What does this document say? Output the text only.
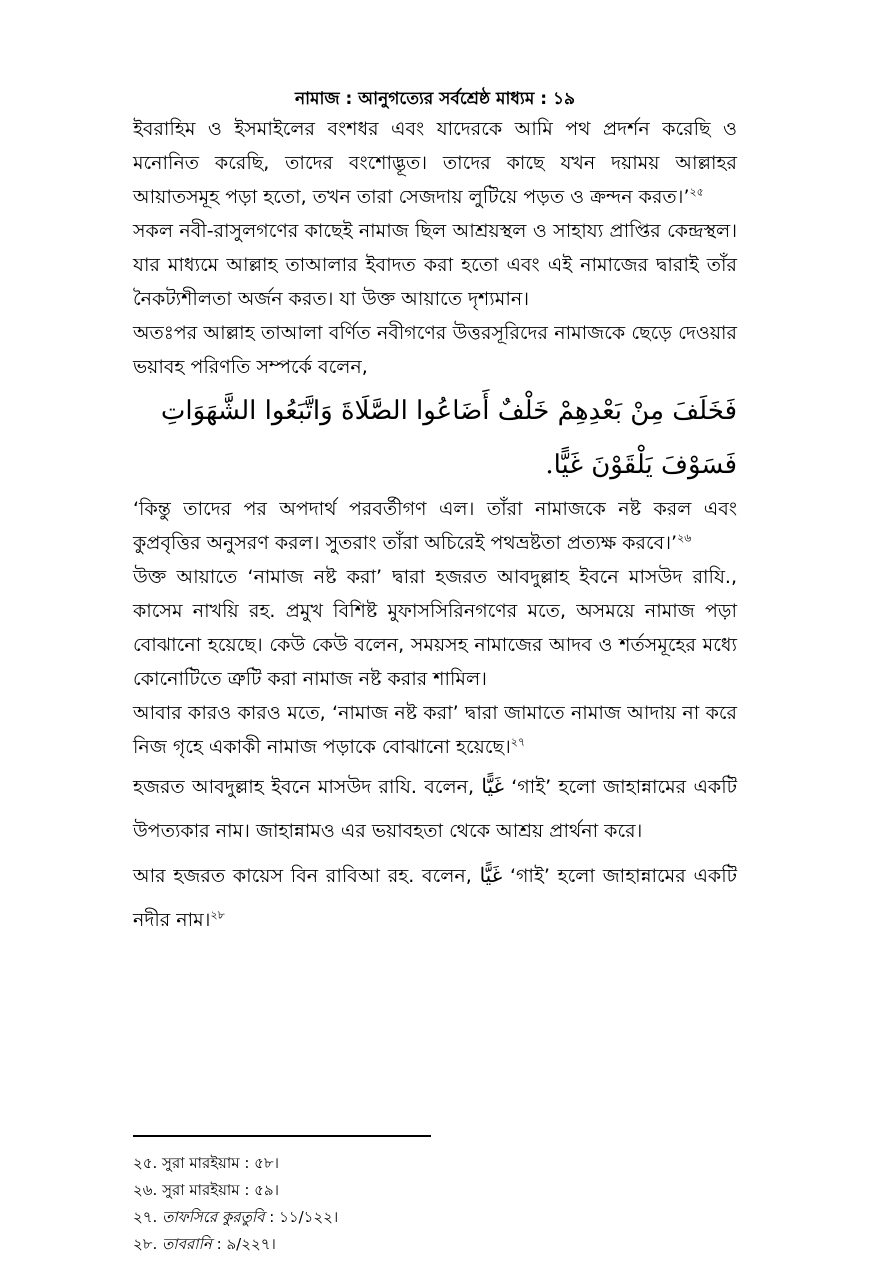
নামাজ : আনুগত্যের সর্বশ্রেষ্ঠ মাধ্যম : ১৯

ইবরাহিম ও ইসমাইলের বংশধর এবং যাদেরকে আমি পথ প্রদর্শন করেছি ও মনোনিত করেছি, তাদের বংশোদ্ভূত। তাদের কাছে যখন দয়াময় আল্লাহর আয়াতসমূহ পড়া হতো, তখন তারা সেজদায় লুটিয়ে পড়ত ও ক্রন্দন করত।’$^{২৫}$

সকল নবী-রাসুলগণের কাছেই নামাজ ছিল আশ্রয়স্থল ও সাহায্য প্রাপ্তির কেন্দ্রস্থল। যার মাধ্যমে আল্লাহ তাআলার ইবাদত করা হতো এবং এই নামাজের দ্বারাই তাঁর নৈকট্যশীলতা অর্জন করত। যা উক্ত আয়াতে দৃশ্যমান।

অতঃপর আল্লাহ তাআলা বর্ণিত নবীগণের উত্তরসূরিদের নামাজকে ছেড়ে দেওয়ার ভয়াবহ পরিণতি সম্পর্কে বলেন,

فَخَلَفَ مِنْ بَعْدِهِمْ خَلْفٌ أَضَاعُوا الصَّلَاةَ وَاتَّبَعُوا الشَّهَوَاتِ فَسَوْفَ يَلْقَوْنَ غَيًّا.

‘কিন্তু তাদের পর অপদার্থ পরবর্তীগণ এল। তাঁরা নামাজকে নষ্ট করল এবং কুপ্রবৃত্তির অনুসরণ করল। সুতরাং তাঁরা অচিরেই পথভ্রষ্টতা প্রত্যক্ষ করবে।’$^{২৬}$

উক্ত আয়াতে ‘নামাজ নষ্ট করা’ দ্বারা হজরত আবদুল্লাহ ইবনে মাসউদ রাযি., কাসেম নাখয়ি রহ. প্রমুখ বিশিষ্ট মুফাসসিরিনগণের মতে, অসময়ে নামাজ পড়া বোঝানো হয়েছে। কেউ কেউ বলেন, সময়সহ নামাজের আদব ও শর্তসমূহের মধ্যে কোনোটিতে ত্রুটি করা নামাজ নষ্ট করার শামিল।

আবার কারও কারও মতে, ‘নামাজ নষ্ট করা’ দ্বারা জামাতে নামাজ আদায় না করে নিজ গৃহে একাকী নামাজ পড়াকে বোঝানো হয়েছে।$^{২৭}$

হজরত আবদুল্লাহ ইবনে মাসউদ রাযি. বলেন, غَيًّا ‘গাই’ হলো জাহান্নামের একটি উপত্যকার নাম। জাহান্নামও এর ভয়াবহতা থেকে আশ্রয় প্রার্থনা করে।

আর হজরত কায়েস বিন রাবিআ রহ. বলেন, غَيًّا ‘গাই’ হলো জাহান্নামের একটি নদীর নাম।$^{২৮}$

২৫. সুরা মারইয়াম : ৫৮।
২৬. সুরা মারইয়াম : ৫৯।
২৭. তাফসিরে কুরতুবি : ১১/১২২।
২৮. তাবরানি : ৯/২২৭।
